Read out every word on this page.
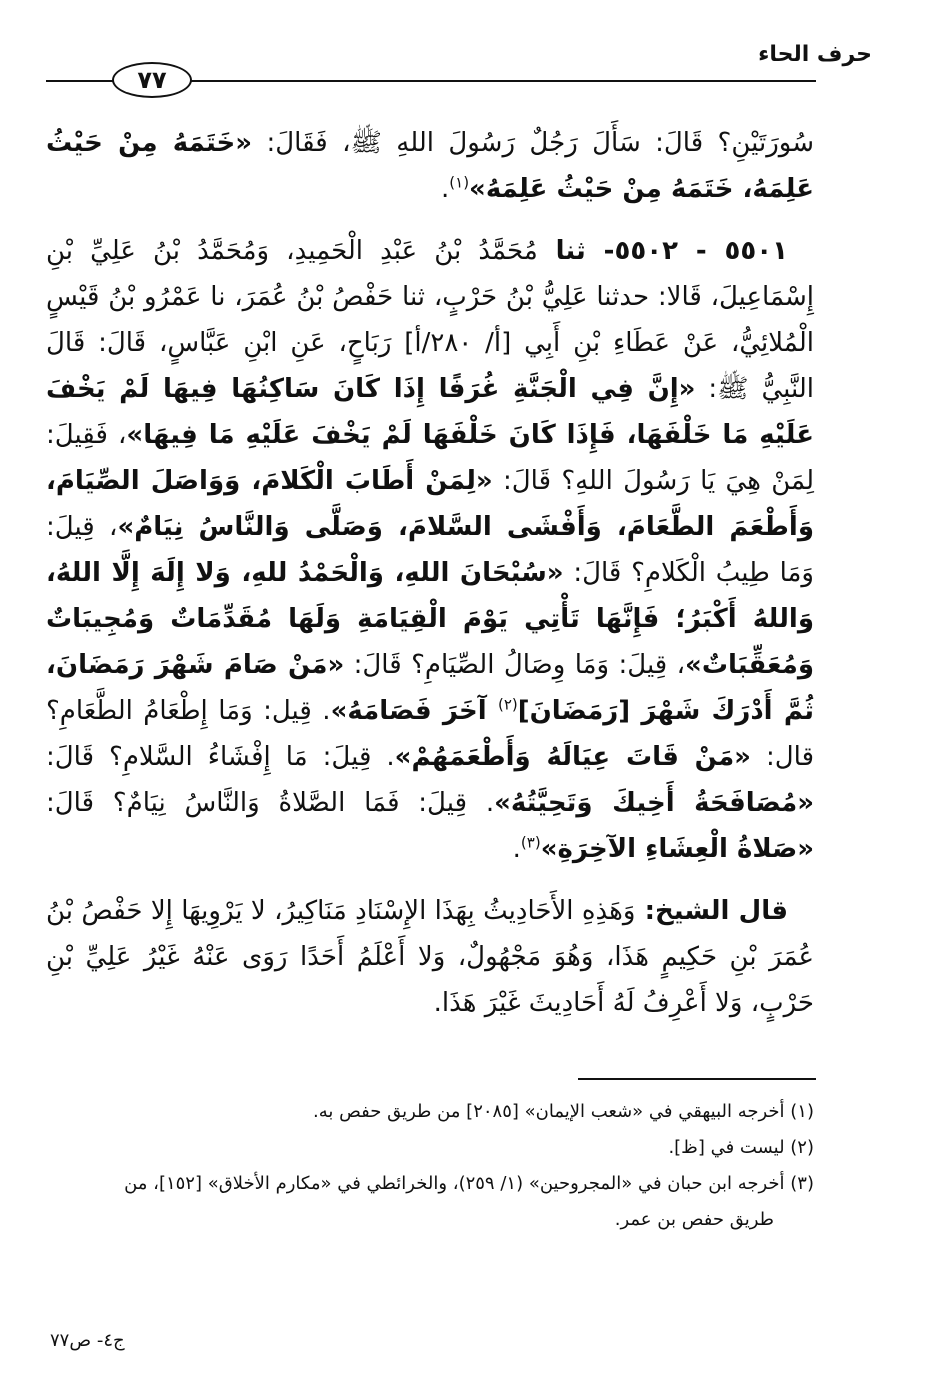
حرف الحاء
٧٧

سُورَتَيْنِ؟ قَالَ: سَأَلَ رَجُلٌ رَسُولَ اللهِ ﷺ، فَقَالَ: «خَتَمَهُ مِنْ حَيْثُ عَلِمَهُ، خَتَمَهُ مِنْ حَيْثُ عَلِمَهُ»$^{(١)}$.

٥٥٠١ - ٥٥٠٢- ثنا مُحَمَّدُ بْنُ عَبْدِ الْحَمِيدِ، وَمُحَمَّدُ بْنُ عَلِيِّ بْنِ إِسْمَاعِيلَ، قَالا: حدثنا عَلِيُّ بْنُ حَرْبٍ، ثنا حَفْصُ بْنُ عُمَرَ، نا عَمْرُو بْنُ قَيْسٍ الْمُلائِيُّ، عَنْ عَطَاءِ بْنِ أَبِي [أ/ ٢٨٠/أ] رَبَاحٍ، عَنِ ابْنِ عَبَّاسٍ، قَالَ: قَالَ النَّبِيُّ ﷺ: «إِنَّ فِي الْجَنَّةِ غُرَفًا إِذَا كَانَ سَاكِنُهَا فِيهَا لَمْ يَخْفَ عَلَيْهِ مَا خَلْفَهَا، فَإِذَا كَانَ خَلْفَهَا لَمْ يَخْفَ عَلَيْهِ مَا فِيهَا»، فَقِيلَ: لِمَنْ هِيَ يَا رَسُولَ اللهِ؟ قَالَ: «لِمَنْ أَطَابَ الْكَلامَ، وَوَاصَلَ الصِّيَامَ، وَأَطْعَمَ الطَّعَامَ، وَأَفْشَى السَّلامَ، وَصَلَّى وَالنَّاسُ نِيَامٌ»، قِيلَ: وَمَا طِيبُ الْكَلامِ؟ قَالَ: «سُبْحَانَ اللهِ، وَالْحَمْدُ للهِ، وَلا إِلَهَ إِلَّا اللهُ، وَاللهُ أَكْبَرُ؛ فَإِنَّهَا تَأْتِي يَوْمَ الْقِيَامَةِ وَلَهَا مُقَدِّمَاتٌ وَمُجِيبَاتٌ وَمُعَقِّبَاتٌ»، قِيلَ: وَمَا وِصَالُ الصِّيَامِ؟ قَالَ: «مَنْ صَامَ شَهْرَ رَمَضَانَ، ثُمَّ أَدْرَكَ شَهْرَ [رَمَضَانَ]$^{(٢)}$ آخَرَ فَصَامَهُ». قِيل: وَمَا إِطْعَامُ الطَّعَامِ؟ قال: «مَنْ قَاتَ عِيَالَهُ وَأَطْعَمَهُمْ». قِيلَ: مَا إِفْشَاءُ السَّلامِ؟ قَالَ: «مُصَافَحَةُ أَخِيكَ وَتَحِيَّتُهُ». قِيلَ: فَمَا الصَّلاةُ وَالنَّاسُ نِيَامٌ؟ قَالَ: «صَلاةُ الْعِشَاءِ الآخِرَةِ»$^{(٣)}$.

قال الشيخ: وَهَذِهِ الأَحَادِيثُ بِهَذَا الإِسْنَادِ مَنَاكِيرُ، لا يَرْوِيهَا إِلا حَفْصُ بْنُ عُمَرَ بْنِ حَكِيمٍ هَذَا، وَهُوَ مَجْهُولٌ، وَلا أَعْلَمُ أَحَدًا رَوَى عَنْهُ غَيْرُ عَلِيِّ بْنِ حَرْبٍ، وَلا أَعْرِفُ لَهُ أَحَادِيثَ غَيْرَ هَذَا.

(١) أخرجه البيهقي في «شعب الإيمان» [٢٠٨٥] من طريق حفص به.

(٢) ليست في [ظ].

(٣) أخرجه ابن حبان في «المجروحين» (١/ ٢٥٩)، والخرائطي في «مكارم الأخلاق» [١٥٢]، من

طريق حفص بن عمر.

ج٤- ص٧٧
